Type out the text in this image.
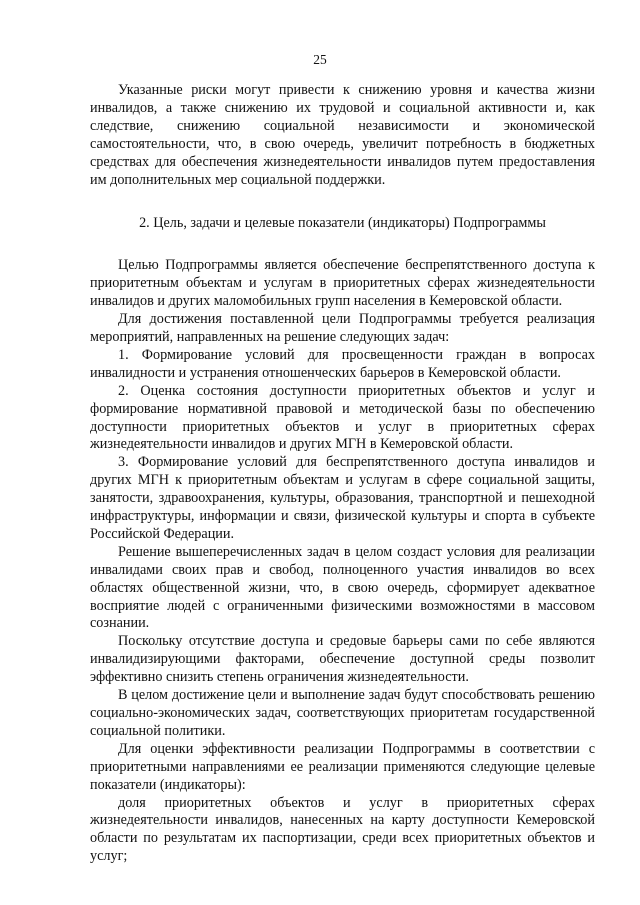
25

Указанные риски могут привести к снижению уровня и качества жизни инвалидов, а также снижению их трудовой и социальной активности и, как следствие, снижению социальной независимости и экономической самостоятельности, что, в свою очередь, увеличит потребность в бюджетных средствах для обеспечения жизнедеятельности инвалидов путем предоставления им дополнительных мер социальной поддержки.

2. Цель, задачи и целевые показатели (индикаторы) Подпрограммы

Целью Подпрограммы является обеспечение беспрепятственного доступа к приоритетным объектам и услугам в приоритетных сферах жизнедеятельности инвалидов и других маломобильных групп населения в Кемеровской области.

Для достижения поставленной цели Подпрограммы требуется реализация мероприятий, направленных на решение следующих задач:

1. Формирование условий для просвещенности граждан в вопросах инвалидности и устранения отношенческих барьеров в Кемеровской области.

2. Оценка состояния доступности приоритетных объектов и услуг и формирование нормативной правовой и методической базы по обеспечению доступности приоритетных объектов и услуг в приоритетных сферах жизнедеятельности инвалидов и других МГН в Кемеровской области.

3. Формирование условий для беспрепятственного доступа инвалидов и других МГН к приоритетным объектам и услугам в сфере социальной защиты, занятости, здравоохранения, культуры, образования, транспортной и пешеходной инфраструктуры, информации и связи, физической культуры и спорта в субъекте Российской Федерации.

Решение вышеперечисленных задач в целом создаст условия для реализации инвалидами своих прав и свобод, полноценного участия инвалидов во всех областях общественной жизни, что, в свою очередь, сформирует адекватное восприятие людей с ограниченными физическими возможностями в массовом сознании.

Поскольку отсутствие доступа и средовые барьеры сами по себе являются инвалидизирующими факторами, обеспечение доступной среды позволит эффективно снизить степень ограничения жизнедеятельности.

В целом достижение цели и выполнение задач будут способствовать решению социально-экономических задач, соответствующих приоритетам государственной социальной политики.

Для оценки эффективности реализации Подпрограммы в соответствии с приоритетными направлениями ее реализации применяются следующие целевые показатели (индикаторы):

доля приоритетных объектов и услуг в приоритетных сферах жизнедеятельности инвалидов, нанесенных на карту доступности Кемеровской области по результатам их паспортизации, среди всех приоритетных объектов и услуг;
